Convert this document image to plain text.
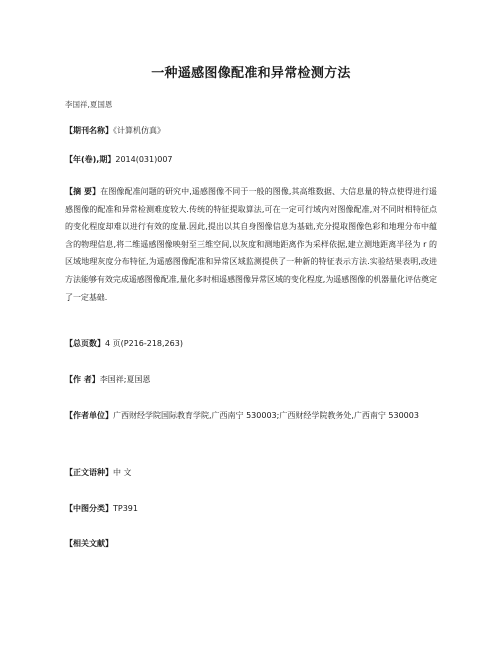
一种遥感图像配准和异常检测方法
李国祥,夏国恩
【期刊名称】《计算机仿真》
【年(卷),期】2014(031)007
【摘 要】在图像配准问题的研究中,遥感图像不同于一般的图像,其高维数据、大信息量的特点使得进行遥感图像的配准和异常检测难度较大.传统的特征提取算法,可在一定可行域内对图像配准,对不同时相特征点的变化程度却难以进行有效的度量.因此,提出以其自身图像信息为基础,充分提取图像色彩和地理分布中蕴含的物理信息,将二维遥感图像映射至三维空间,以灰度和测地距离作为采样依据,建立测地距离半径为 r 的区域地理灰度分布特征,为遥感图像配准和异常区域监测提供了一种新的特征表示方法.实验结果表明,改进方法能够有效完成遥感图像配准,量化多时相遥感图像异常区域的变化程度,为遥感图像的机器量化评估奠定了一定基础.
【总页数】4 页(P216-218,263)
【作 者】李国祥;夏国恩
【作者单位】广西财经学院国际教育学院,广西南宁 530003;广西财经学院教务处,广西南宁 530003
【正文语种】中 文
【中图分类】TP391
【相关文献】
